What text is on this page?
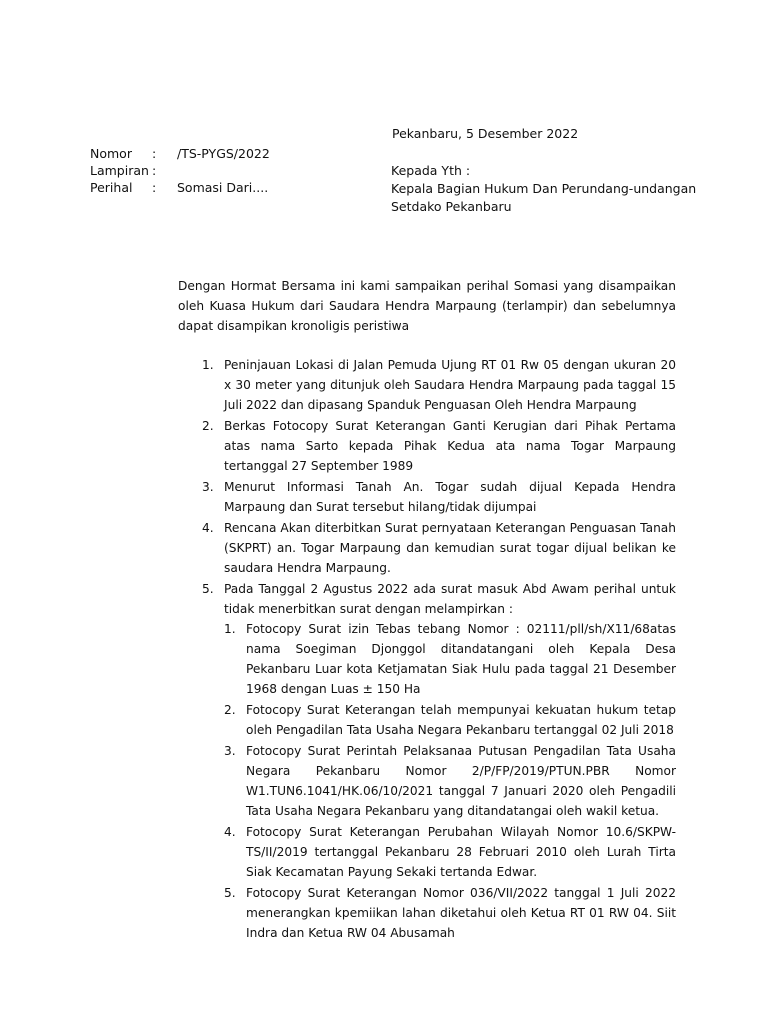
Pekanbaru, 5 Desember 2022
Nomor	:	/TS-PYGS/2022
Lampiran :
Perihal	:	Somasi Dari....
Kepada Yth :
Kepala Bagian Hukum Dan Perundang-undangan
Setdako Pekanbaru

Dengan Hormat Bersama ini kami sampaikan perihal Somasi yang disampaikan oleh Kuasa Hukum dari Saudara Hendra Marpaung (terlampir) dan sebelumnya dapat disampikan kronoligis peristiwa

1. Peninjauan Lokasi di Jalan Pemuda Ujung RT 01 Rw 05 dengan ukuran 20 x 30 meter yang ditunjuk oleh Saudara Hendra Marpaung pada taggal 15 Juli 2022 dan dipasang Spanduk Penguasan Oleh Hendra Marpaung
2. Berkas Fotocopy Surat Keterangan Ganti Kerugian dari Pihak Pertama atas nama Sarto kepada Pihak Kedua ata nama Togar Marpaung tertanggal 27 September 1989
3. Menurut Informasi Tanah An. Togar sudah dijual Kepada Hendra Marpaung dan Surat tersebut hilang/tidak dijumpai
4. Rencana Akan diterbitkan Surat pernyataan Keterangan Penguasan Tanah (SKPRT) an. Togar Marpaung dan kemudian surat togar dijual belikan ke saudara Hendra Marpaung.
5. Pada Tanggal 2 Agustus 2022 ada surat masuk Abd Awam perihal untuk tidak menerbitkan surat dengan melampirkan :
1. Fotocopy Surat izin Tebas tebang Nomor : 02111/pll/sh/X11/68atas nama Soegiman Djonggol ditandatangani oleh Kepala Desa Pekanbaru Luar kota Ketjamatan Siak Hulu pada taggal 21 Desember 1968 dengan Luas ± 150 Ha
2. Fotocopy Surat Keterangan telah mempunyai kekuatan hukum tetap oleh Pengadilan Tata Usaha Negara Pekanbaru tertanggal 02 Juli 2018
3. Fotocopy Surat Perintah Pelaksanaa Putusan Pengadilan Tata Usaha Negara Pekanbaru Nomor 2/P/FP/2019/PTUN.PBR Nomor W1.TUN6.1041/HK.06/10/2021 tanggal 7 Januari 2020 oleh Pengadili Tata Usaha Negara Pekanbaru yang ditandatangai oleh wakil ketua.
4. Fotocopy Surat Keterangan Perubahan Wilayah Nomor 10.6/SKPW-TS/II/2019 tertanggal Pekanbaru 28 Februari 2010 oleh Lurah Tirta Siak Kecamatan Payung Sekaki tertanda Edwar.
5. Fotocopy Surat Keterangan Nomor 036/VII/2022 tanggal 1 Juli 2022 menerangkan kpemiikan lahan diketahui oleh Ketua RT 01 RW 04. Siit Indra dan Ketua RW 04 Abusamah
